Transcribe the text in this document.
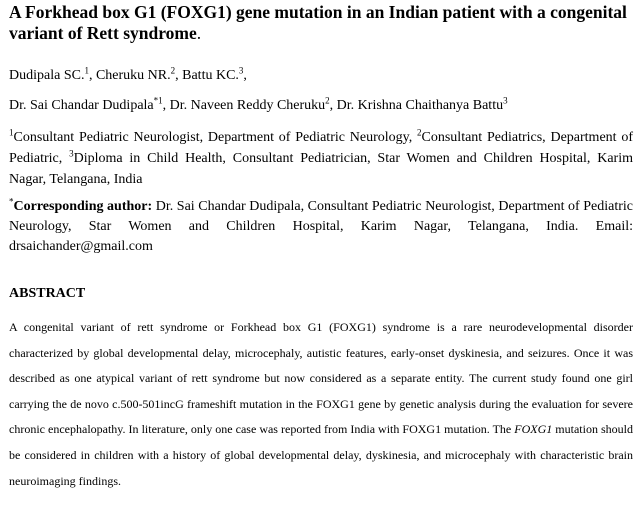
A Forkhead box G1 (FOXG1) gene mutation in an Indian patient with a congenital variant of Rett syndrome.
Dudipala SC.$^1$, Cheruku NR.$^2$, Battu KC.$^3$,
Dr. Sai Chandar Dudipala$^{*1}$, Dr. Naveen Reddy Cheruku$^2$, Dr. Krishna Chaithanya Battu$^3$

$^1$Consultant Pediatric Neurologist, Department of Pediatric Neurology, $^2$Consultant Pediatrics, Department of Pediatric, $^3$Diploma in Child Health, Consultant Pediatrician, Star Women and Children Hospital, Karim Nagar, Telangana, India

*Corresponding author: Dr. Sai Chandar Dudipala, Consultant Pediatric Neurologist, Department of Pediatric Neurology, Star Women and Children Hospital, Karim Nagar, Telangana, India. Email: drsaichander@gmail.com

ABSTRACT

A congenital variant of rett syndrome or Forkhead box G1 (FOXG1) syndrome is a rare neurodevelopmental disorder characterized by global developmental delay, microcephaly, autistic features, early-onset dyskinesia, and seizures. Once it was described as one atypical variant of rett syndrome but now considered as a separate entity. The current study found one girl carrying the de novo c.500-501incG frameshift mutation in the FOXG1 gene by genetic analysis during the evaluation for severe chronic encephalopathy. In literature, only one case was reported from India with FOXG1 mutation. The FOXG1 mutation should be considered in children with a history of global developmental delay, dyskinesia, and microcephaly with characteristic brain neuroimaging findings.
